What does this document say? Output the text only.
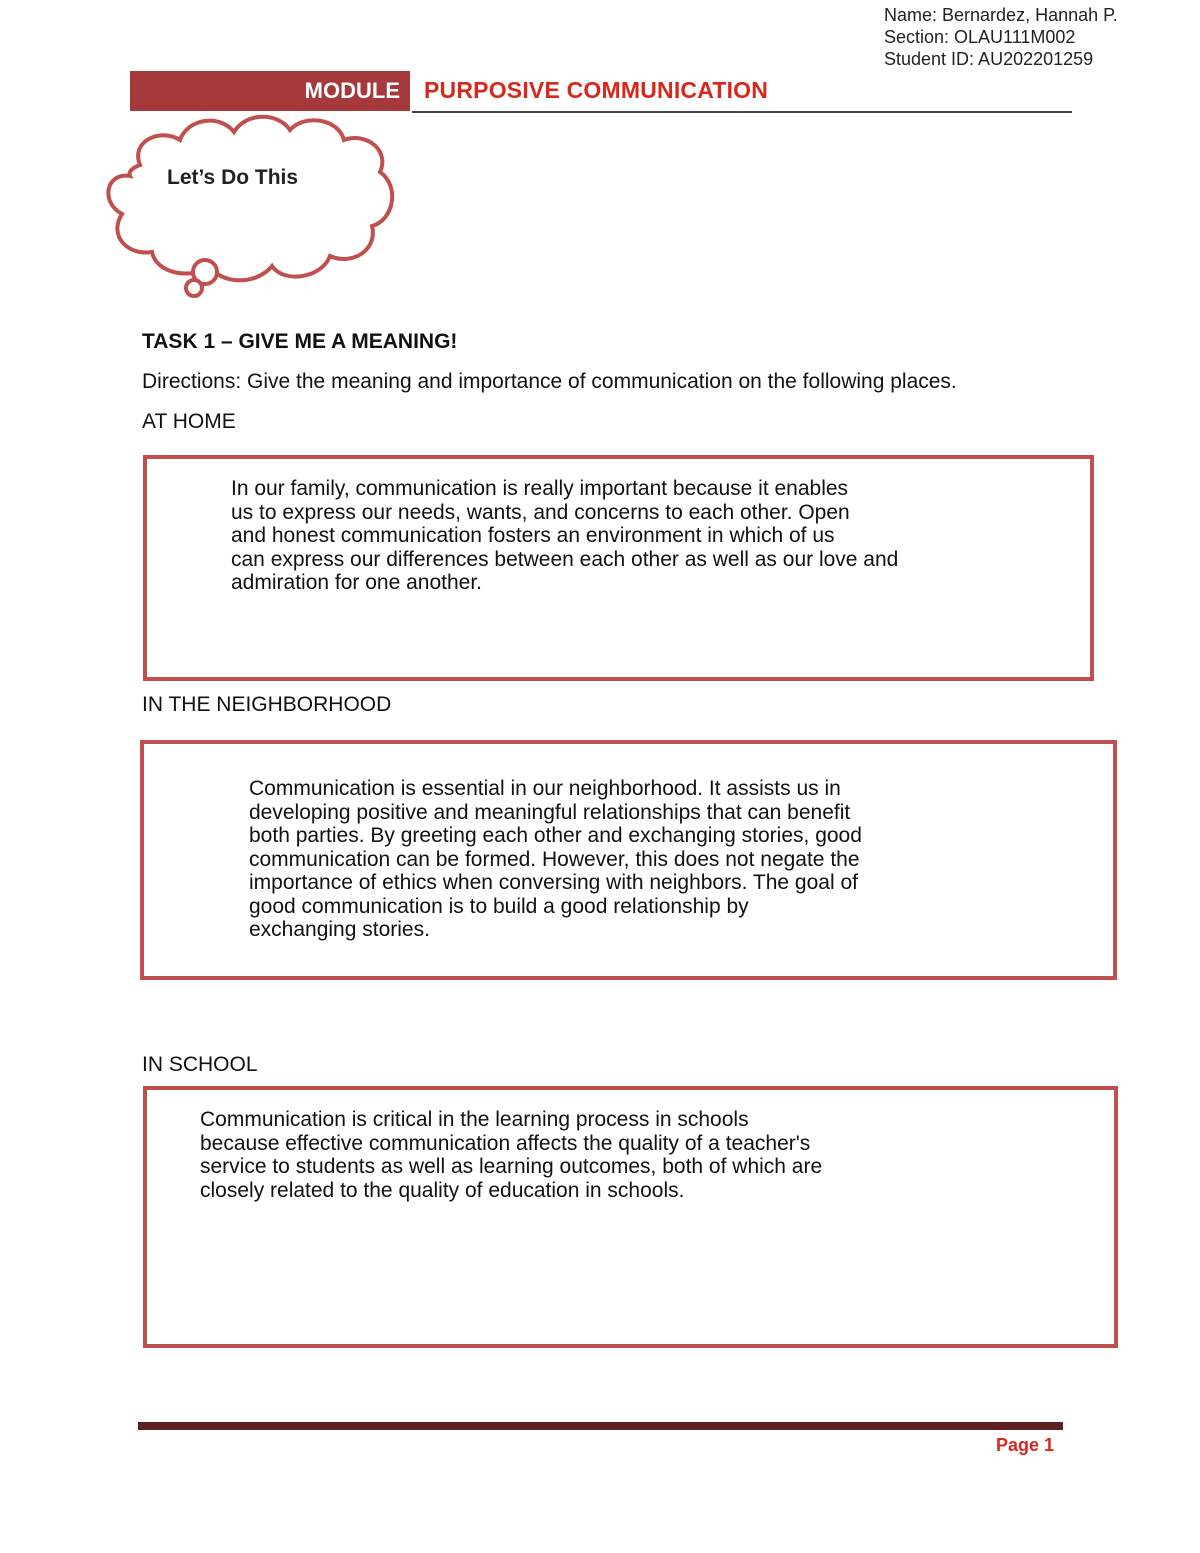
Name: Bernardez, Hannah P.
Section: OLAU111M002
Student ID: AU202201259
MODULE PURPOSIVE COMMUNICATION
Let’s Do This
TASK 1 – GIVE ME A MEANING!
Directions: Give the meaning and importance of communication on the following places.
AT HOME
In our family, communication is really important because it enables
us to express our needs, wants, and concerns to each other. Open
and honest communication fosters an environment in which of us
can express our differences between each other as well as our love and
admiration for one another.
IN THE NEIGHBORHOOD
Communication is essential in our neighborhood. It assists us in
developing positive and meaningful relationships that can benefit
both parties. By greeting each other and exchanging stories, good
communication can be formed. However, this does not negate the
importance of ethics when conversing with neighbors. The goal of
good communication is to build a good relationship by
exchanging stories.
IN SCHOOL
Communication is critical in the learning process in schools
because effective communication affects the quality of a teacher's
service to students as well as learning outcomes, both of which are
closely related to the quality of education in schools.
Page 1
